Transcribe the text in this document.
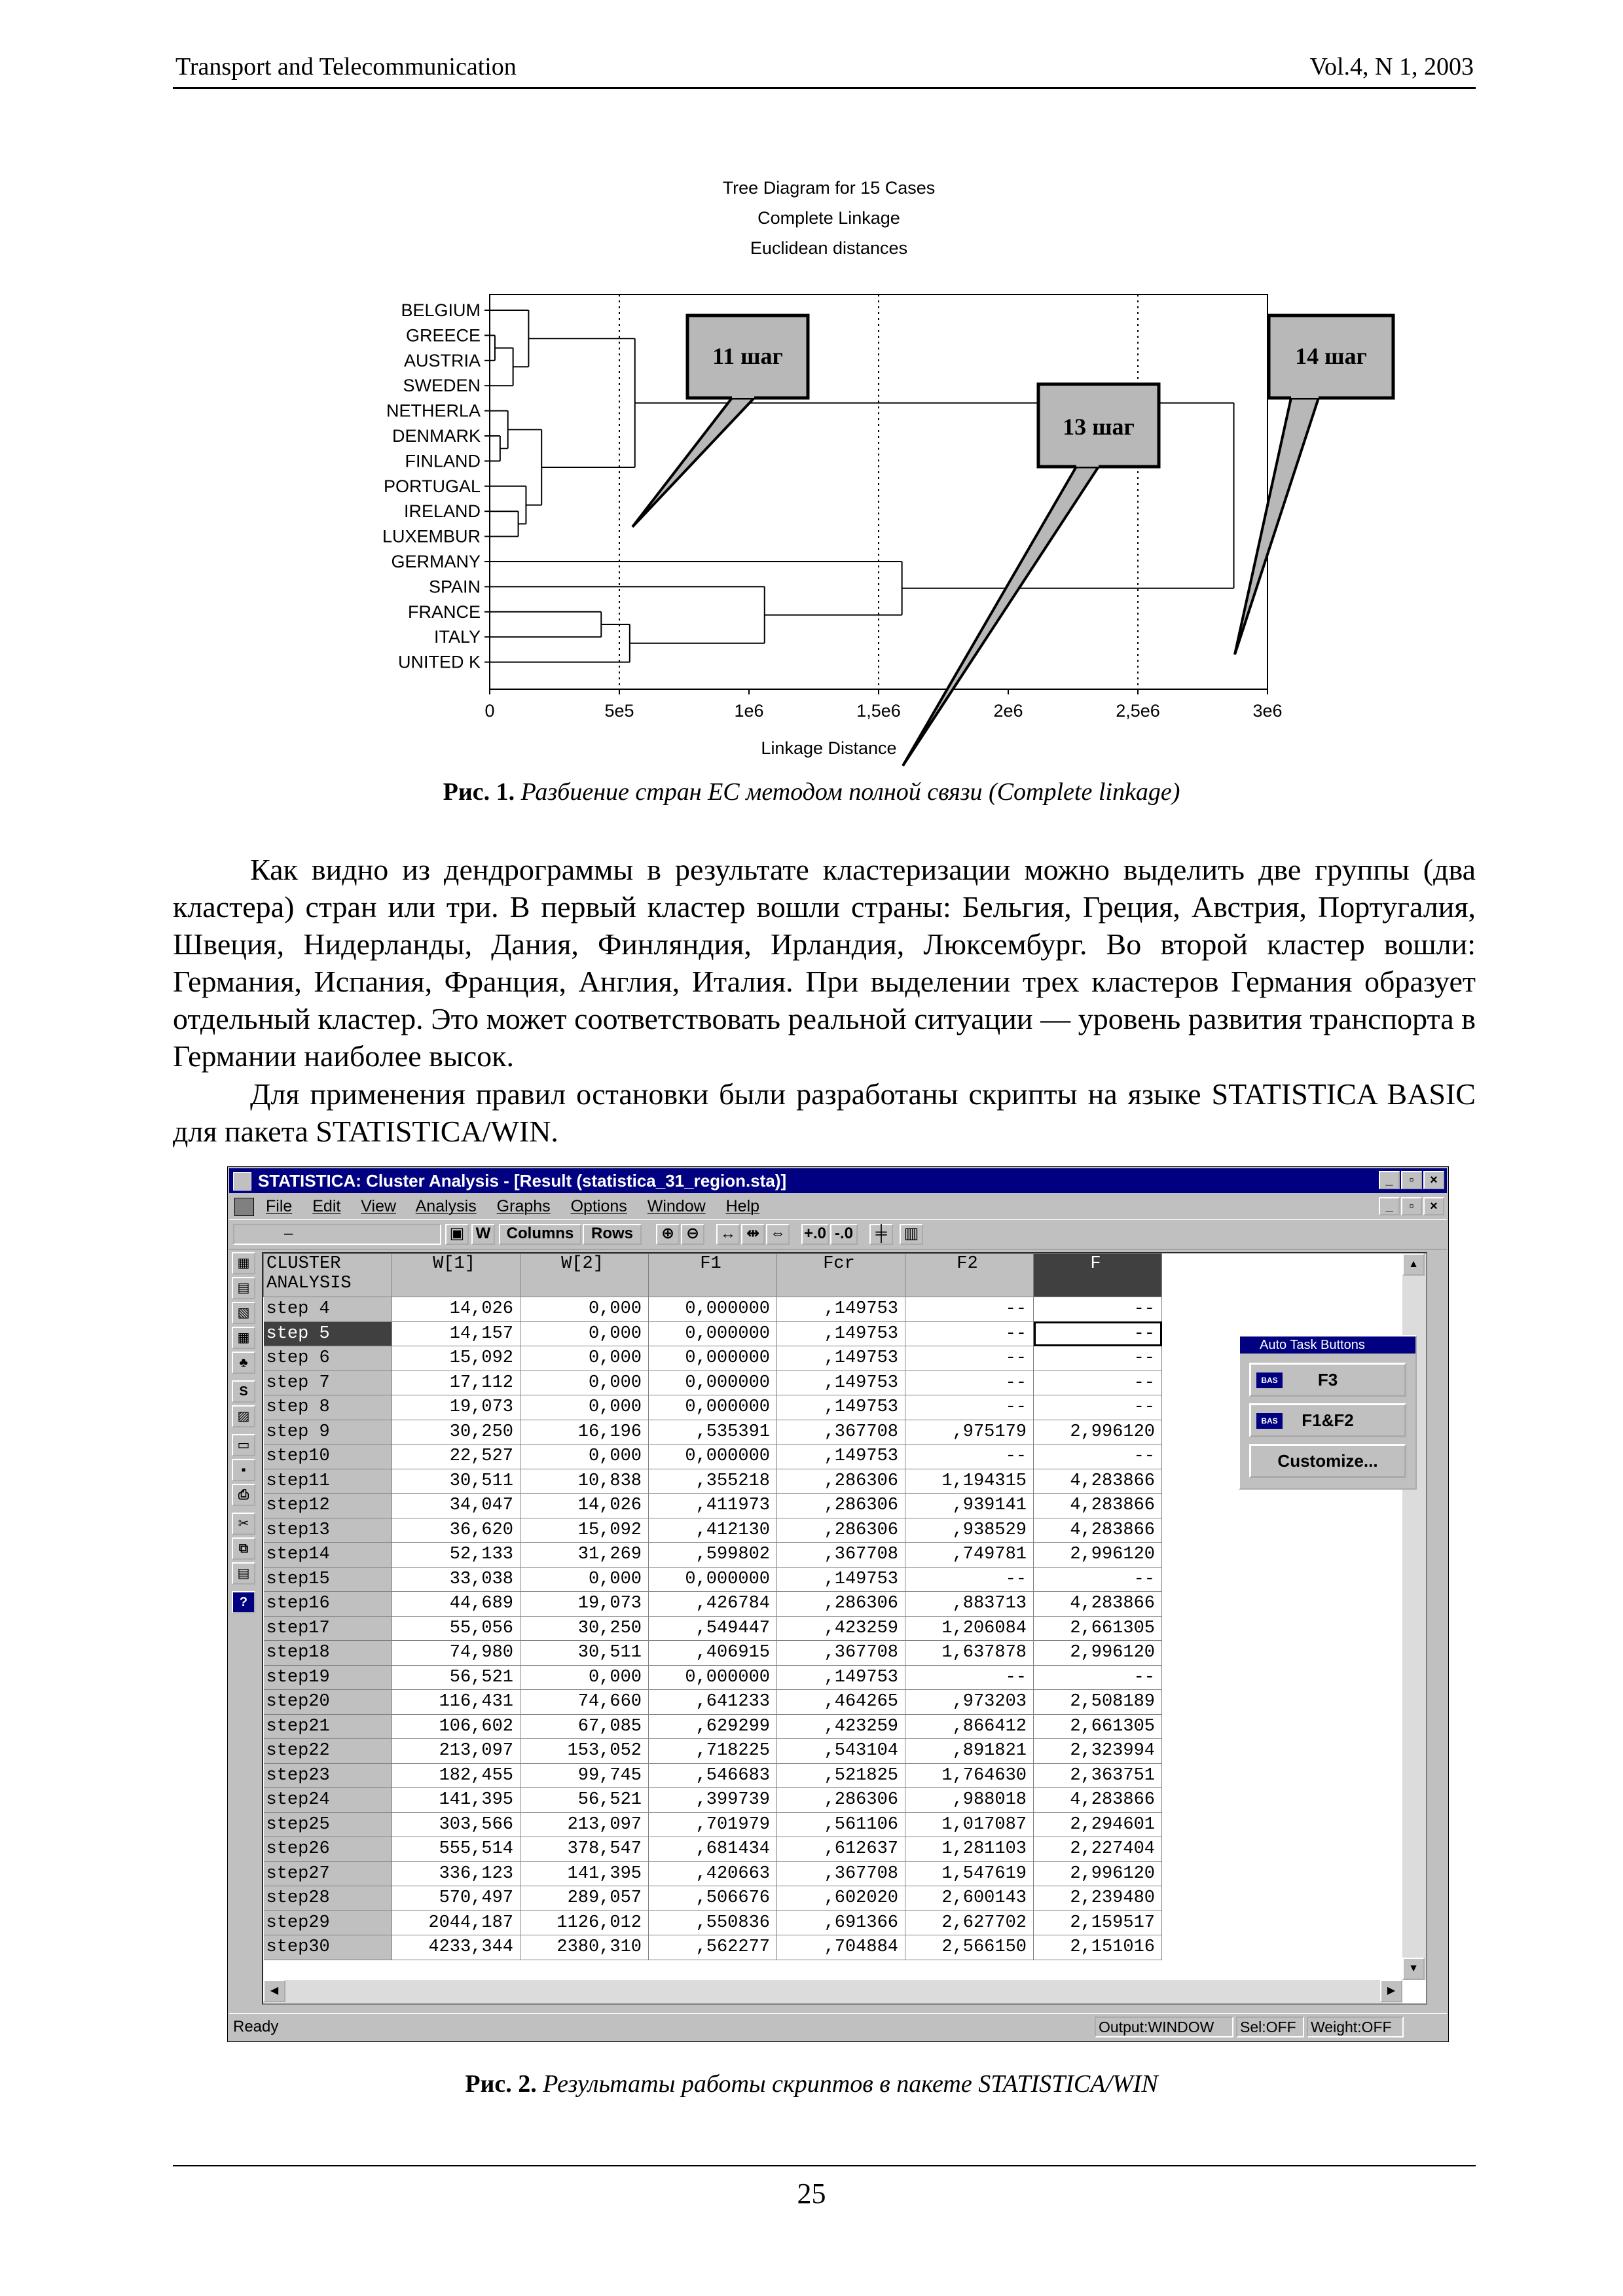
Transport and Telecommunication	Vol.4, N 1, 2003
Tree Diagram for 15 Cases
Complete Linkage
Euclidean distances
BELGIUM
GREECE
AUSTRIA
SWEDEN
NETHERLA
DENMARK
FINLAND
PORTUGAL
IRELAND
LUXEMBUR
GERMANY
SPAIN
FRANCE
ITALY
UNITED K
0	5e5	1e6	1,5e6	2e6	2,5e6	3e6
Linkage Distance
11 шаг
13 шаг
14 шаг
Рис. 1. Разбиение стран ЕС методом полной связи (Complete linkage)
Как видно из дендрограммы в результате кластеризации можно выделить две группы (два кластера) стран или три. В первый кластер вошли страны: Бельгия, Греция, Австрия, Португалия, Швеция, Нидерланды, Дания, Финляндия, Ирландия, Люксембург. Во второй кластер вошли: Германия, Испания, Франция, Англия, Италия. При выделении трех кластеров Германия образует отдельный кластер. Это может соответствовать реальной ситуации — уровень развития транспорта в Германии наиболее высок.
Для применения правил остановки были разработаны скрипты на языке STATISTICA BASIC для пакета STATISTICA/WIN.
STATISTICA: Cluster Analysis - [Result (statistica_31_region.sta)]	_	▫	×
File Edit View Analysis Graphs Options Window Help	_	▫	×
–	▣ W	Columns	Rows	⊕ ⊖	↔ ⇹ ⇔ +.0 -.0	╪	▥
▦
▤
▧
▦
♣
S
▨
▭
▪
⎙
✂
⧉
▤
?
CLUSTER
ANALYSIS	W[1]	W[2]	F1	Fcr	F2	F
step 4	14,026	0,000	0,000000	,149753	--	--
step 5	14,157	0,000	0,000000	,149753	--	--
step 6	15,092	0,000	0,000000	,149753	--	--
step 7	17,112	0,000	0,000000	,149753	--	--
step 8	19,073	0,000	0,000000	,149753	--	--
step 9	30,250	16,196	,535391	,367708	,975179	2,996120
step10	22,527	0,000	0,000000	,149753	--	--
step11	30,511	10,838	,355218	,286306	1,194315	4,283866
step12	34,047	14,026	,411973	,286306	,939141	4,283866
step13	36,620	15,092	,412130	,286306	,938529	4,283866
step14	52,133	31,269	,599802	,367708	,749781	2,996120
step15	33,038	0,000	0,000000	,149753	--	--
step16	44,689	19,073	,426784	,286306	,883713	4,283866
step17	55,056	30,250	,549447	,423259	1,206084	2,661305
step18	74,980	30,511	,406915	,367708	1,637878	2,996120
step19	56,521	0,000	0,000000	,149753	--	--
step20	116,431	74,660	,641233	,464265	,973203	2,508189
step21	106,602	67,085	,629299	,423259	,866412	2,661305
step22	213,097	153,052	,718225	,543104	,891821	2,323994
step23	182,455	99,745	,546683	,521825	1,764630	2,363751
step24	141,395	56,521	,399739	,286306	,988018	4,283866
step25	303,566	213,097	,701979	,561106	1,017087	2,294601
step26	555,514	378,547	,681434	,612637	1,281103	2,227404
step27	336,123	141,395	,420663	,367708	1,547619	2,996120
step28	570,497	289,057	,506676	,602020	2,600143	2,239480
step29	2044,187	1126,012	,550836	,691366	2,627702	2,159517
step30	4233,344	2380,310	,562277	,704884	2,566150	2,151016
▲
▼
◀	▶
Ready	Output:WINDOW	Sel:OFF Weight:OFF
Auto Task Buttons
BAS F3
BAS F1&F2
Customize...
Рис. 2. Результаты работы скриптов в пакете STATISTICA/WIN
25
